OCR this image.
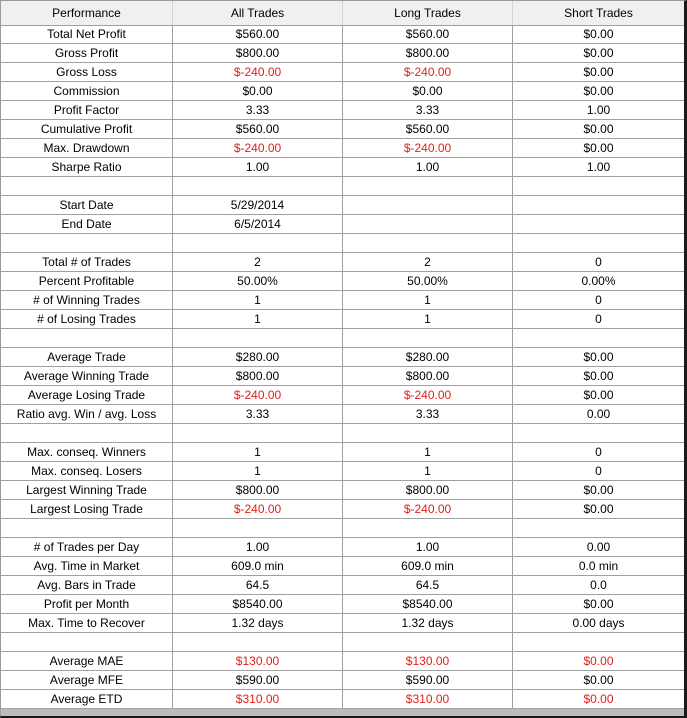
Performance	All Trades	Long Trades	Short Trades
Total Net Profit	$560.00	$560.00	$0.00
Gross Profit	$800.00	$800.00	$0.00
Gross Loss	$-240.00	$-240.00	$0.00
Commission	$0.00	$0.00	$0.00
Profit Factor	3.33	3.33	1.00
Cumulative Profit	$560.00	$560.00	$0.00
Max. Drawdown	$-240.00	$-240.00	$0.00
Sharpe Ratio	1.00	1.00	1.00
Start Date	5/29/2014
End Date	6/5/2014
Total # of Trades	2	2	0
Percent Profitable	50.00%	50.00%	0.00%
# of Winning Trades	1	1	0
# of Losing Trades	1	1	0
Average Trade	$280.00	$280.00	$0.00
Average Winning Trade	$800.00	$800.00	$0.00
Average Losing Trade	$-240.00	$-240.00	$0.00
Ratio avg. Win / avg. Loss	3.33	3.33	0.00
Max. conseq. Winners	1	1	0
Max. conseq. Losers	1	1	0
Largest Winning Trade	$800.00	$800.00	$0.00
Largest Losing Trade	$-240.00	$-240.00	$0.00
# of Trades per Day	1.00	1.00	0.00
Avg. Time in Market	609.0 min	609.0 min	0.0 min
Avg. Bars in Trade	64.5	64.5	0.0
Profit per Month	$8540.00	$8540.00	$0.00
Max. Time to Recover	1.32 days	1.32 days	0.00 days
Average MAE	$130.00	$130.00	$0.00
Average MFE	$590.00	$590.00	$0.00
Average ETD	$310.00	$310.00	$0.00
